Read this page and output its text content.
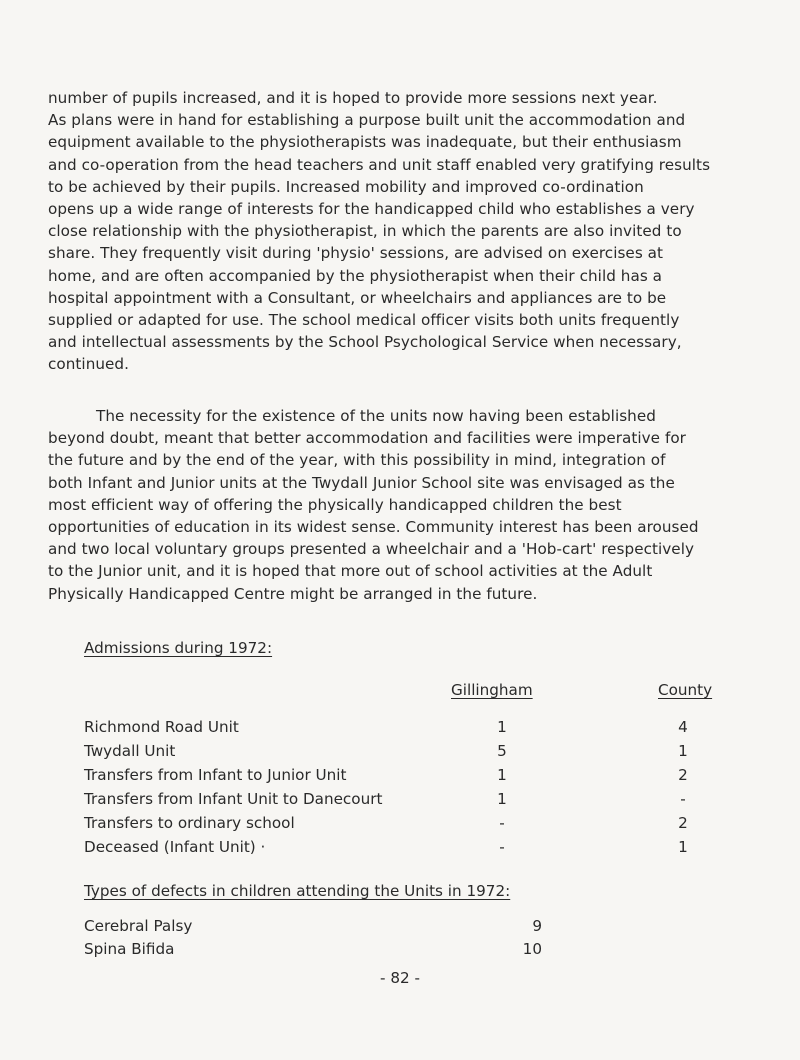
number of pupils increased, and it is hoped to provide more sessions next year.
As plans were in hand for establishing a purpose built unit the accommodation and
equipment available to the physiotherapists was inadequate, but their enthusiasm
and co-operation from the head teachers and unit staff enabled very gratifying results
to be achieved by their pupils. Increased mobility and improved co-ordination
opens up a wide range of interests for the handicapped child who establishes a very
close relationship with the physiotherapist, in which the parents are also invited to
share. They frequently visit during 'physio' sessions, are advised on exercises at
home, and are often accompanied by the physiotherapist when their child has a
hospital appointment with a Consultant, or wheelchairs and appliances are to be
supplied or adapted for use. The school medical officer visits both units frequently
and intellectual assessments by the School Psychological Service when necessary,
continued.
The necessity for the existence of the units now having been established
beyond doubt, meant that better accommodation and facilities were imperative for
the future and by the end of the year, with this possibility in mind, integration of
both Infant and Junior units at the Twydall Junior School site was envisaged as the
most efficient way of offering the physically handicapped children the best
opportunities of education in its widest sense. Community interest has been aroused
and two local voluntary groups presented a wheelchair and a 'Hob-cart' respectively
to the Junior unit, and it is hoped that more out of school activities at the Adult
Physically Handicapped Centre might be arranged in the future.

Admissions during 1972:

Gillingham	County
Richmond Road Unit	1	4
Twydall Unit	5	1
Transfers from Infant to Junior Unit	1	2
Transfers from Infant Unit to Danecourt	1	-
Transfers to ordinary school	-	2
Deceased (Infant Unit) ·	-	1

Types of defects in children attending the Units in 1972:

Cerebral Palsy	9
Spina Bifida	10
- 82 -
